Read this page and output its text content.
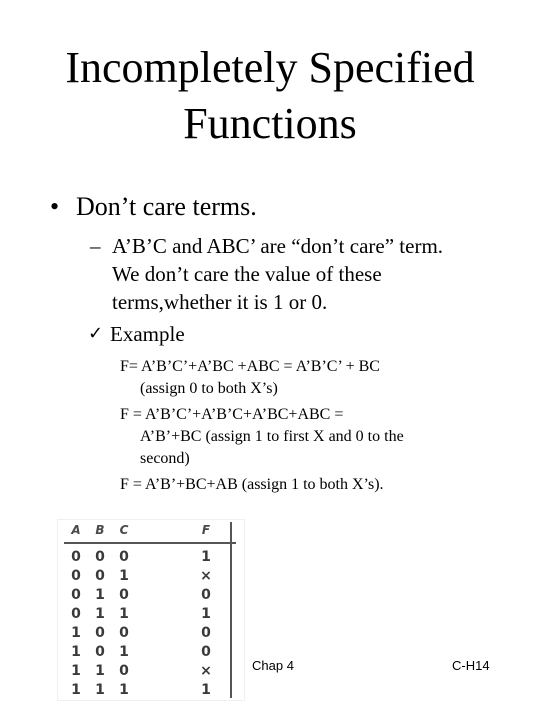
Incompletely Specified
Functions
• Don’t care terms.
– A’B’C and ABC’ are “don’t care” term.
We don’t care the value of these
terms,whether it is 1 or 0.
✓ Example
F= A’B’C’+A’BC +ABC = A’B’C’ + BC
(assign 0 to both X’s)
F = A’B’C’+A’B’C+A’BC+ABC =
A’B’+BC (assign 1 to first X and 0 to the
second)
F = A’B’+BC+AB (assign 1 to both X’s).
A	B	C	F
0	0	0	1
0	0	1	×
0	1	0	0
0	1	1	1
1	0	0	0
1	0	1	0
1	1	0	×
1	1	1	1
Chap 4	C-H14
